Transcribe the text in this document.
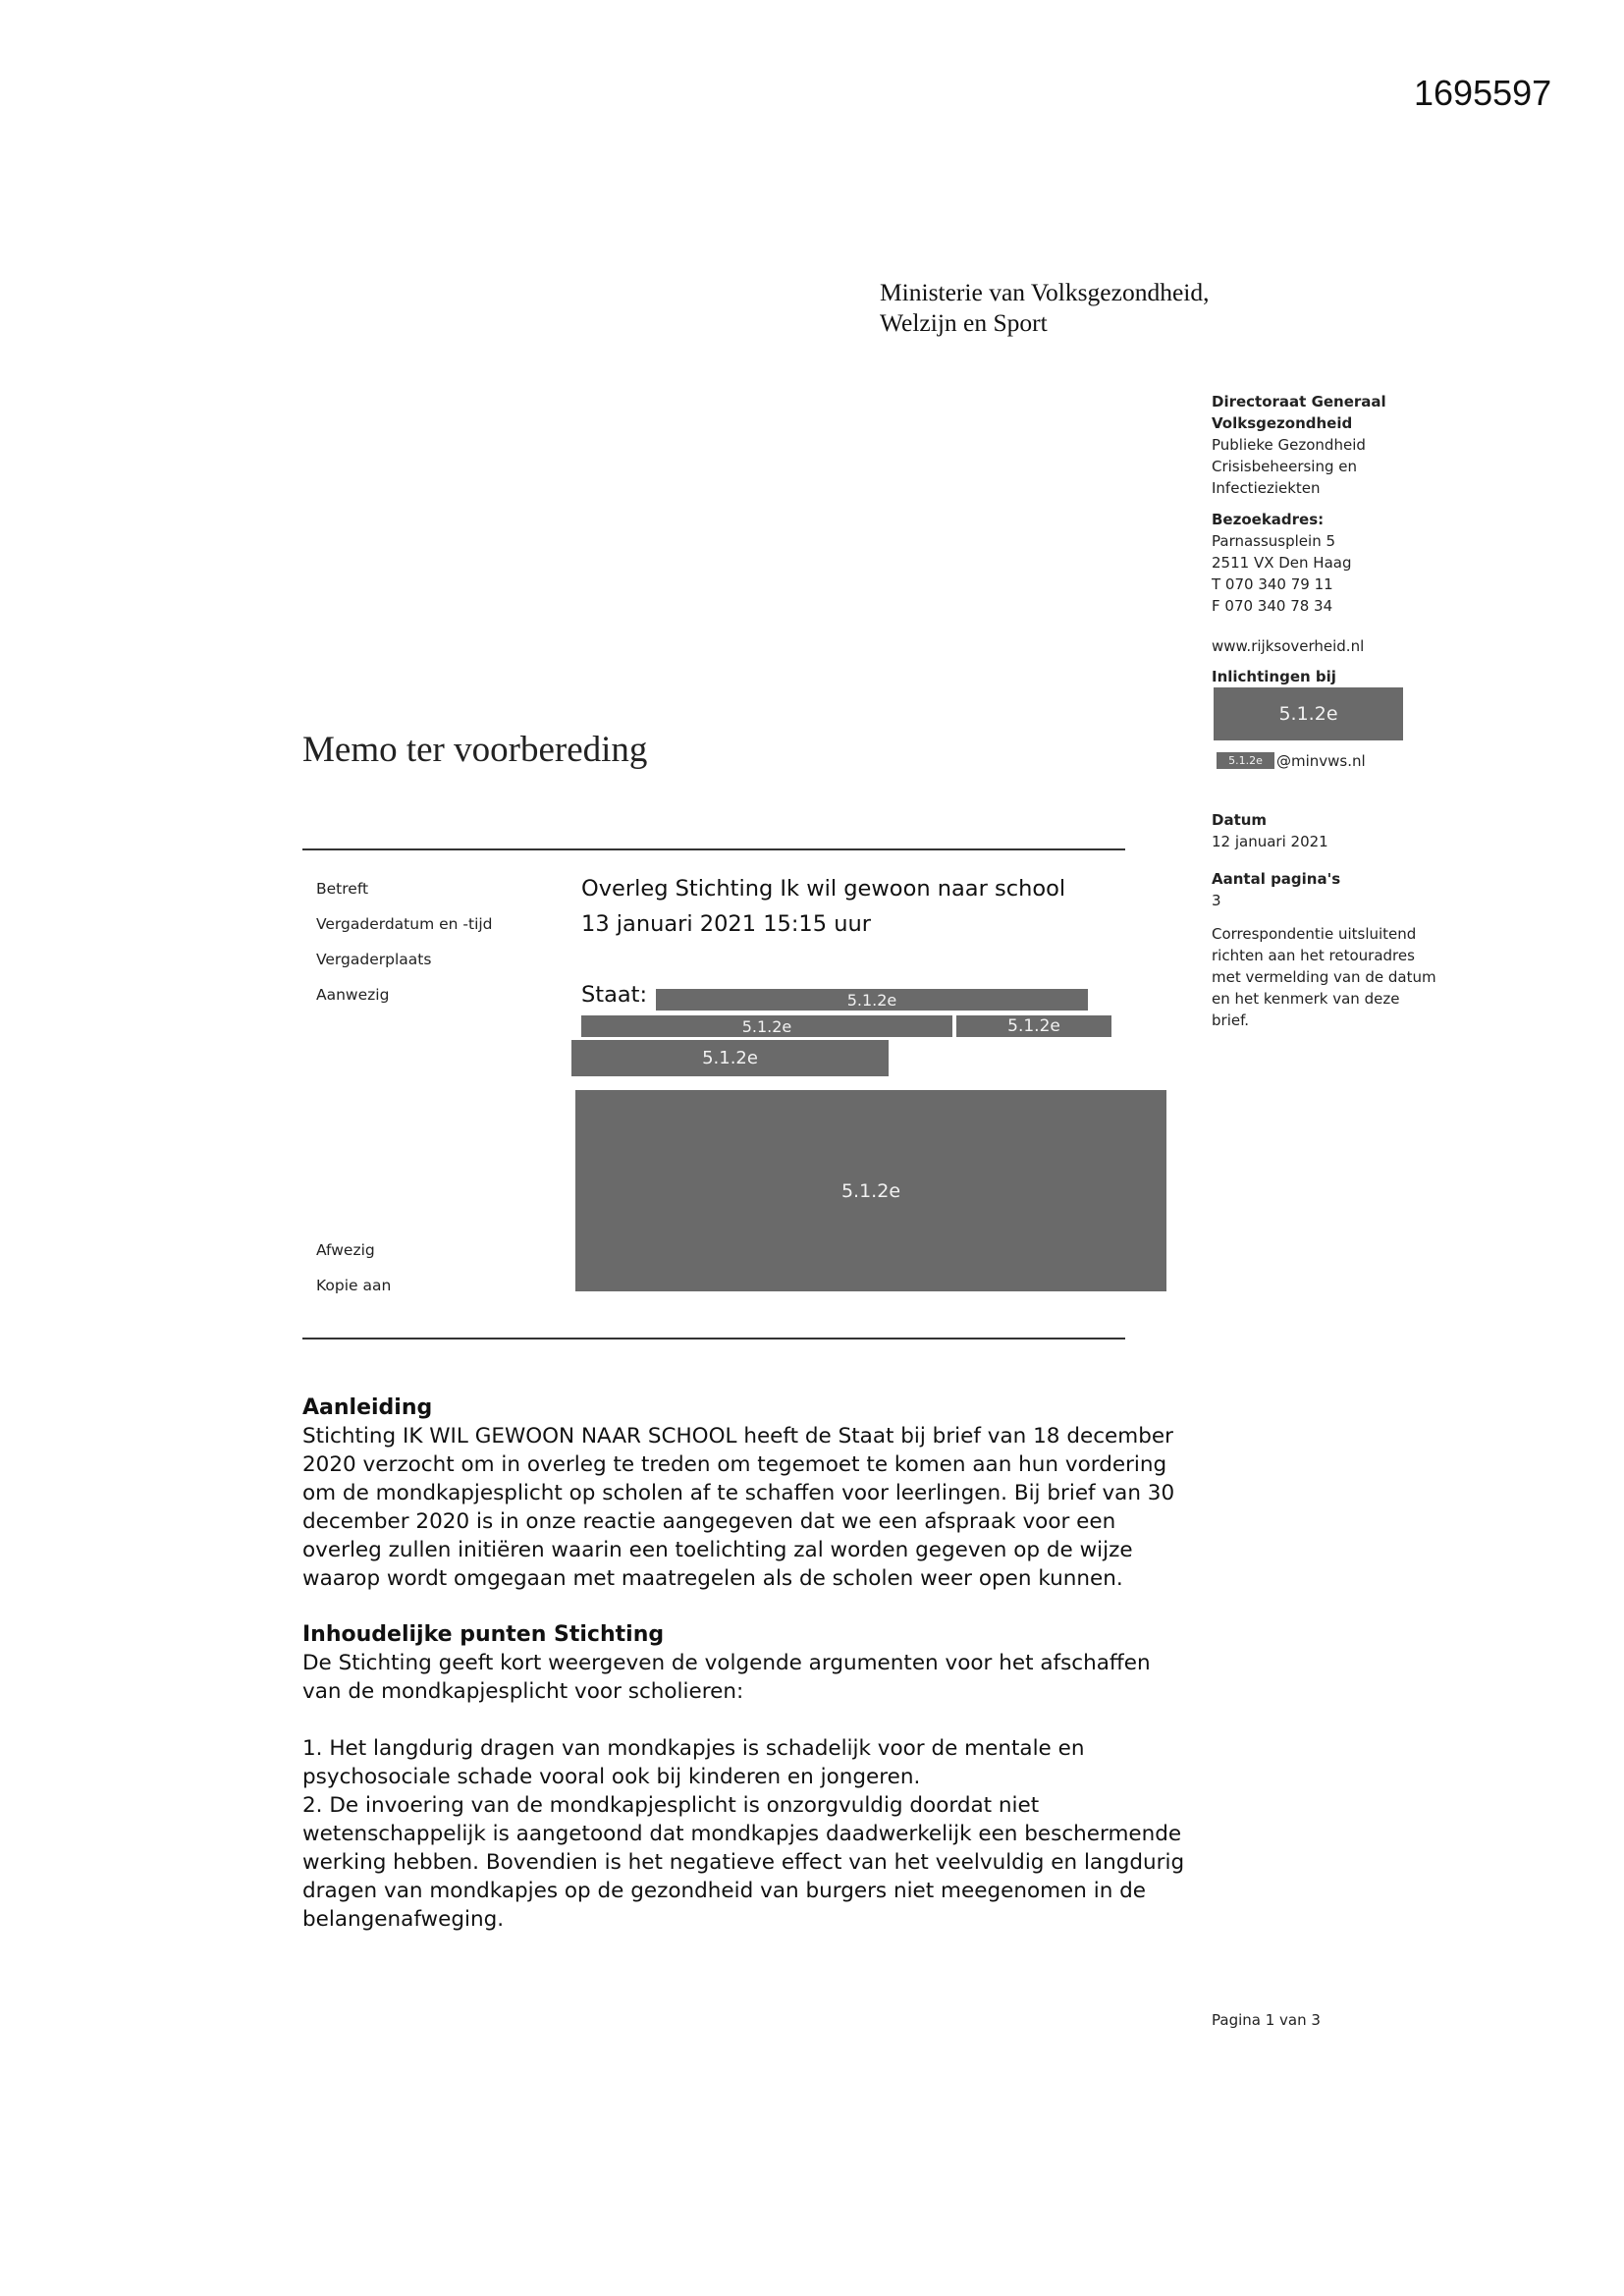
1695597
Ministerie van Volksgezondheid,
Welzijn en Sport
Directoraat Generaal
Volksgezondheid
Publieke Gezondheid
Crisisbeheersing en
Infectieziekten
Bezoekadres:
Parnassusplein 5
2511 VX Den Haag
T 070 340 79 11
F 070 340 78 34
www.rijksoverheid.nl
Inlichtingen bij
5.1.2e
5.1.2e @minvws.nl
Datum
12 januari 2021
Aantal pagina's
3
Correspondentie uitsluitend
richten aan het retouradres
met vermelding van de datum
en het kenmerk van deze
brief.
Memo ter voorbereding
Betreft
Vergaderdatum en -tijd
Vergaderplaats
Aanwezig
Afwezig
Kopie aan
Overleg Stichting Ik wil gewoon naar school
13 januari 2021 15:15 uur
Staat:	5.1.2e
5.1.2e	5.1.2e
5.1.2e
5.1.2e
Aanleiding
Stichting IK WIL GEWOON NAAR SCHOOL heeft de Staat bij brief van 18 december
2020 verzocht om in overleg te treden om tegemoet te komen aan hun vordering
om de mondkapjesplicht op scholen af te schaffen voor leerlingen. Bij brief van 30
december 2020 is in onze reactie aangegeven dat we een afspraak voor een
overleg zullen initiëren waarin een toelichting zal worden gegeven op de wijze
waarop wordt omgegaan met maatregelen als de scholen weer open kunnen.
Inhoudelijke punten Stichting
De Stichting geeft kort weergeven de volgende argumenten voor het afschaffen
van de mondkapjesplicht voor scholieren:
1. Het langdurig dragen van mondkapjes is schadelijk voor de mentale en
psychosociale schade vooral ook bij kinderen en jongeren.
2. De invoering van de mondkapjesplicht is onzorgvuldig doordat niet
wetenschappelijk is aangetoond dat mondkapjes daadwerkelijk een beschermende
werking hebben. Bovendien is het negatieve effect van het veelvuldig en langdurig
dragen van mondkapjes op de gezondheid van burgers niet meegenomen in de
belangenafweging.
Pagina 1 van 3
